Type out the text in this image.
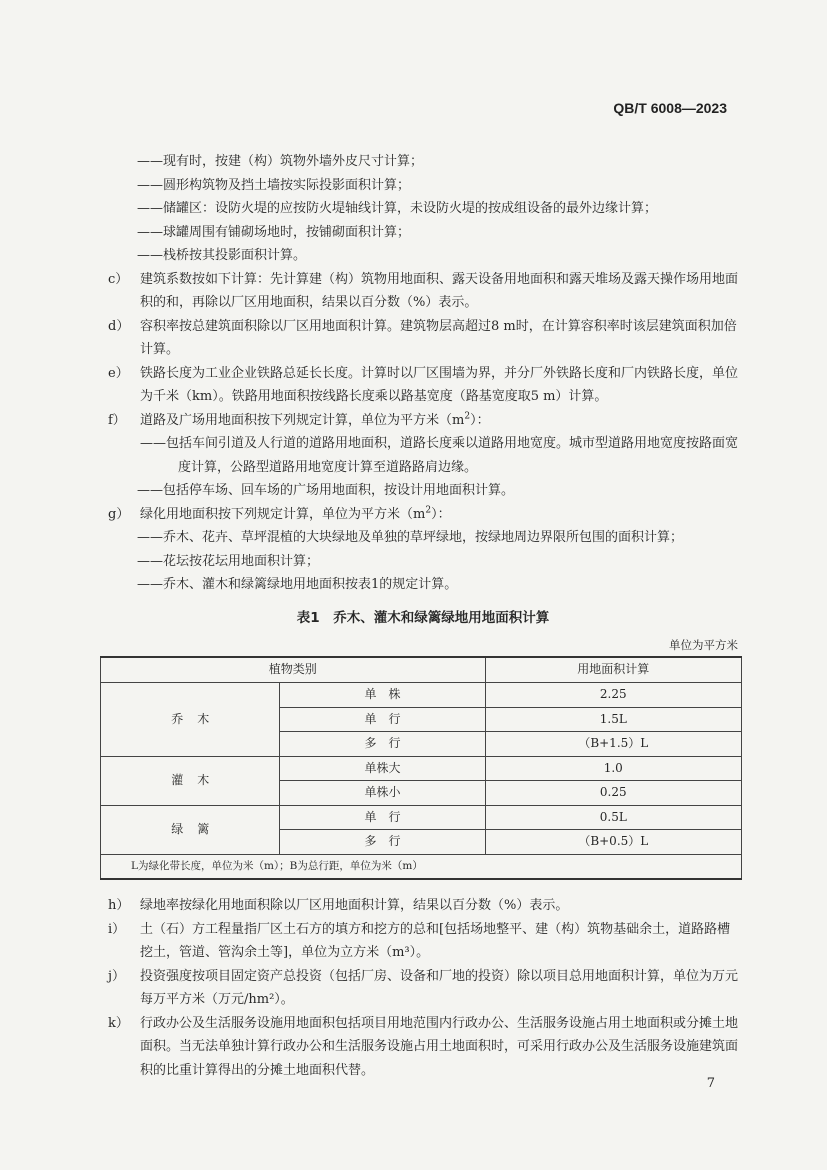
QB/T 6008—2023
——现有时，按建（构）筑物外墙外皮尺寸计算；
——圆形构筑物及挡土墙按实际投影面积计算；
——储罐区：设防火堤的应按防火堤轴线计算，未设防火堤的按成组设备的最外边缘计算；
——球罐周围有铺砌场地时，按铺砌面积计算；
——栈桥按其投影面积计算。
c） 建筑系数按如下计算：先计算建（构）筑物用地面积、露天设备用地面积和露天堆场及露天操作场用地面积的和，再除以厂区用地面积，结果以百分数（%）表示。
d） 容积率按总建筑面积除以厂区用地面积计算。建筑物层高超过8 m时，在计算容积率时该层建筑面积加倍计算。
e） 铁路长度为工业企业铁路总延长长度。计算时以厂区围墙为界，并分厂外铁路长度和厂内铁路长度，单位为千米（km）。铁路用地面积按线路长度乘以路基宽度（路基宽度取5 m）计算。
f）	道路及广场用地面积按下列规定计算，单位为平方米$(m^2)$：
——包括车间引道及人行道的道路用地面积，道路长度乘以道路用地宽度。城市型道路用地宽度按路面宽度计算，公路型道路用地宽度计算至道路路肩边缘。
——包括停车场、回车场的广场用地面积，按设计用地面积计算。
g） 绿化用地面积按下列规定计算，单位为平方米$(m^2)$：
——乔木、花卉、草坪混植的大块绿地及单独的草坪绿地，按绿地周边界限所包围的面积计算；
——花坛按花坛用地面积计算；
——乔木、灌木和绿篱绿地用地面积按表1的规定计算。
表1　乔木、灌木和绿篱绿地用地面积计算
单位为平方米
植物类别		用地面积计算
乔木	单　株	2.25
	单　行	1.5L
	多　行	（B+1.5）L
灌木	单株大	1.0
	单株小	0.25
绿篱	单　行	0.5L
	多　行	（B+0.5）L
L为绿化带长度，单位为米（m）；B为总行距，单位为米（m）		
h） 绿地率按绿化用地面积除以厂区用地面积计算，结果以百分数（%）表示。
i）	土（石）方工程量指厂区土石方的填方和挖方的总和[包括场地整平、建（构）筑物基础余土，道路路槽挖土，管道、管沟余土等]，单位为立方米（m³）。
j）	投资强度按项目固定资产总投资（包括厂房、设备和厂地的投资）除以项目总用地面积计算，单位为万元每万平方米（万元/hm²）。
k） 行政办公及生活服务设施用地面积包括项目用地范围内行政办公、生活服务设施占用土地面积或分摊土地面积。当无法单独计算行政办公和生活服务设施占用土地面积时，可采用行政办公及生活服务设施建筑面积的比重计算得出的分摊土地面积代替。
7
